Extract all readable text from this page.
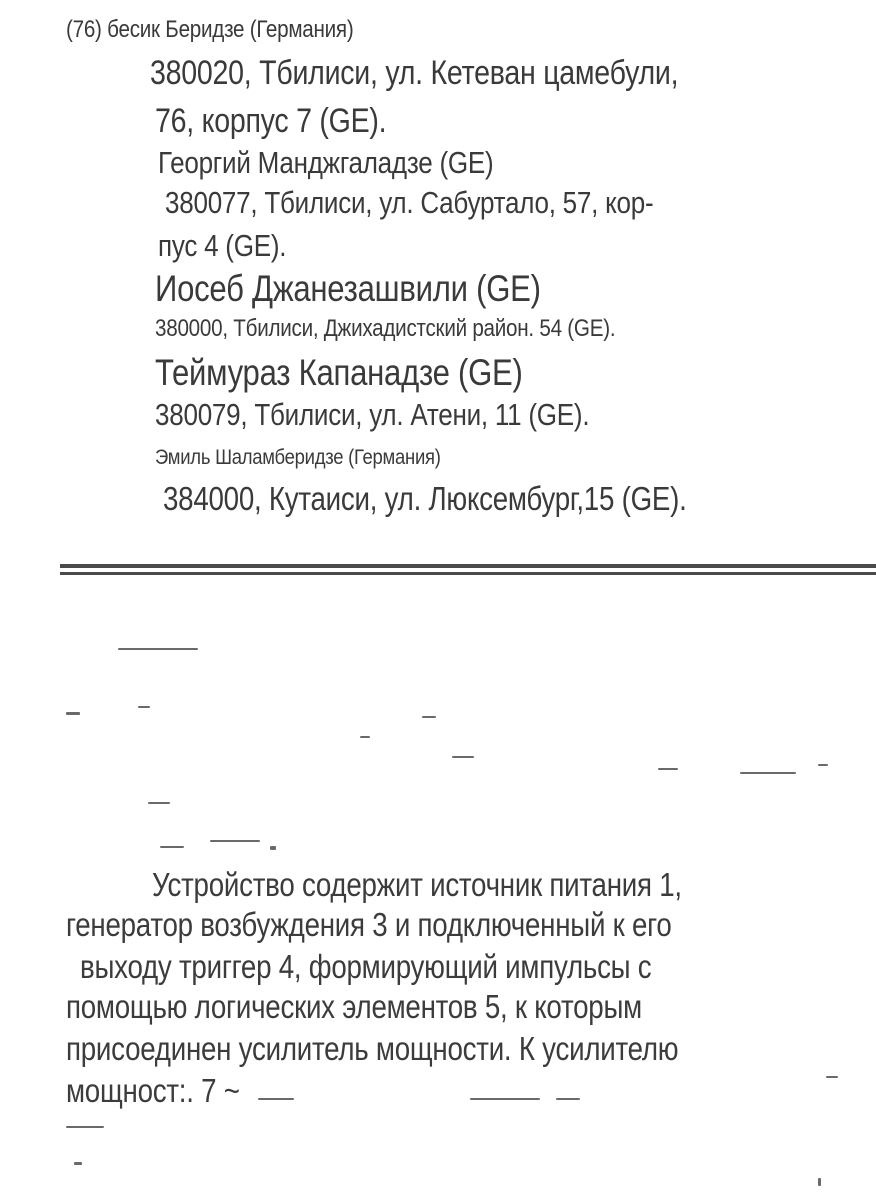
(76) бесик Беридзе (Германия)
380020, Тбилиси, ул. Кетеван цамебули,
76, корпус 7 (GE).
Георгий Манджгаладзе (GE)
380077, Тбилиси, ул. Сабуртало, 57, кор-
пус 4 (GE).
Иосеб Джанезашвили (GE)
380000, Тбилиси, Джихадистский район. 54 (GE).
Теймураз Капанадзе (GE)
380079, Тбилиси, ул. Атени, 11 (GE).
Эмиль Шаламберидзе (Германия)
384000, Кутаиси, ул. Люксембург,15 (GE).
Устройство содержит источник питания 1,
генератор возбуждения 3 и подключенный к его
выходу триггер 4, формирующий импульсы с
помощью логических элементов 5, к которым
присоединен усилитель мощности. К усилителю
мощност:. 7 ~
